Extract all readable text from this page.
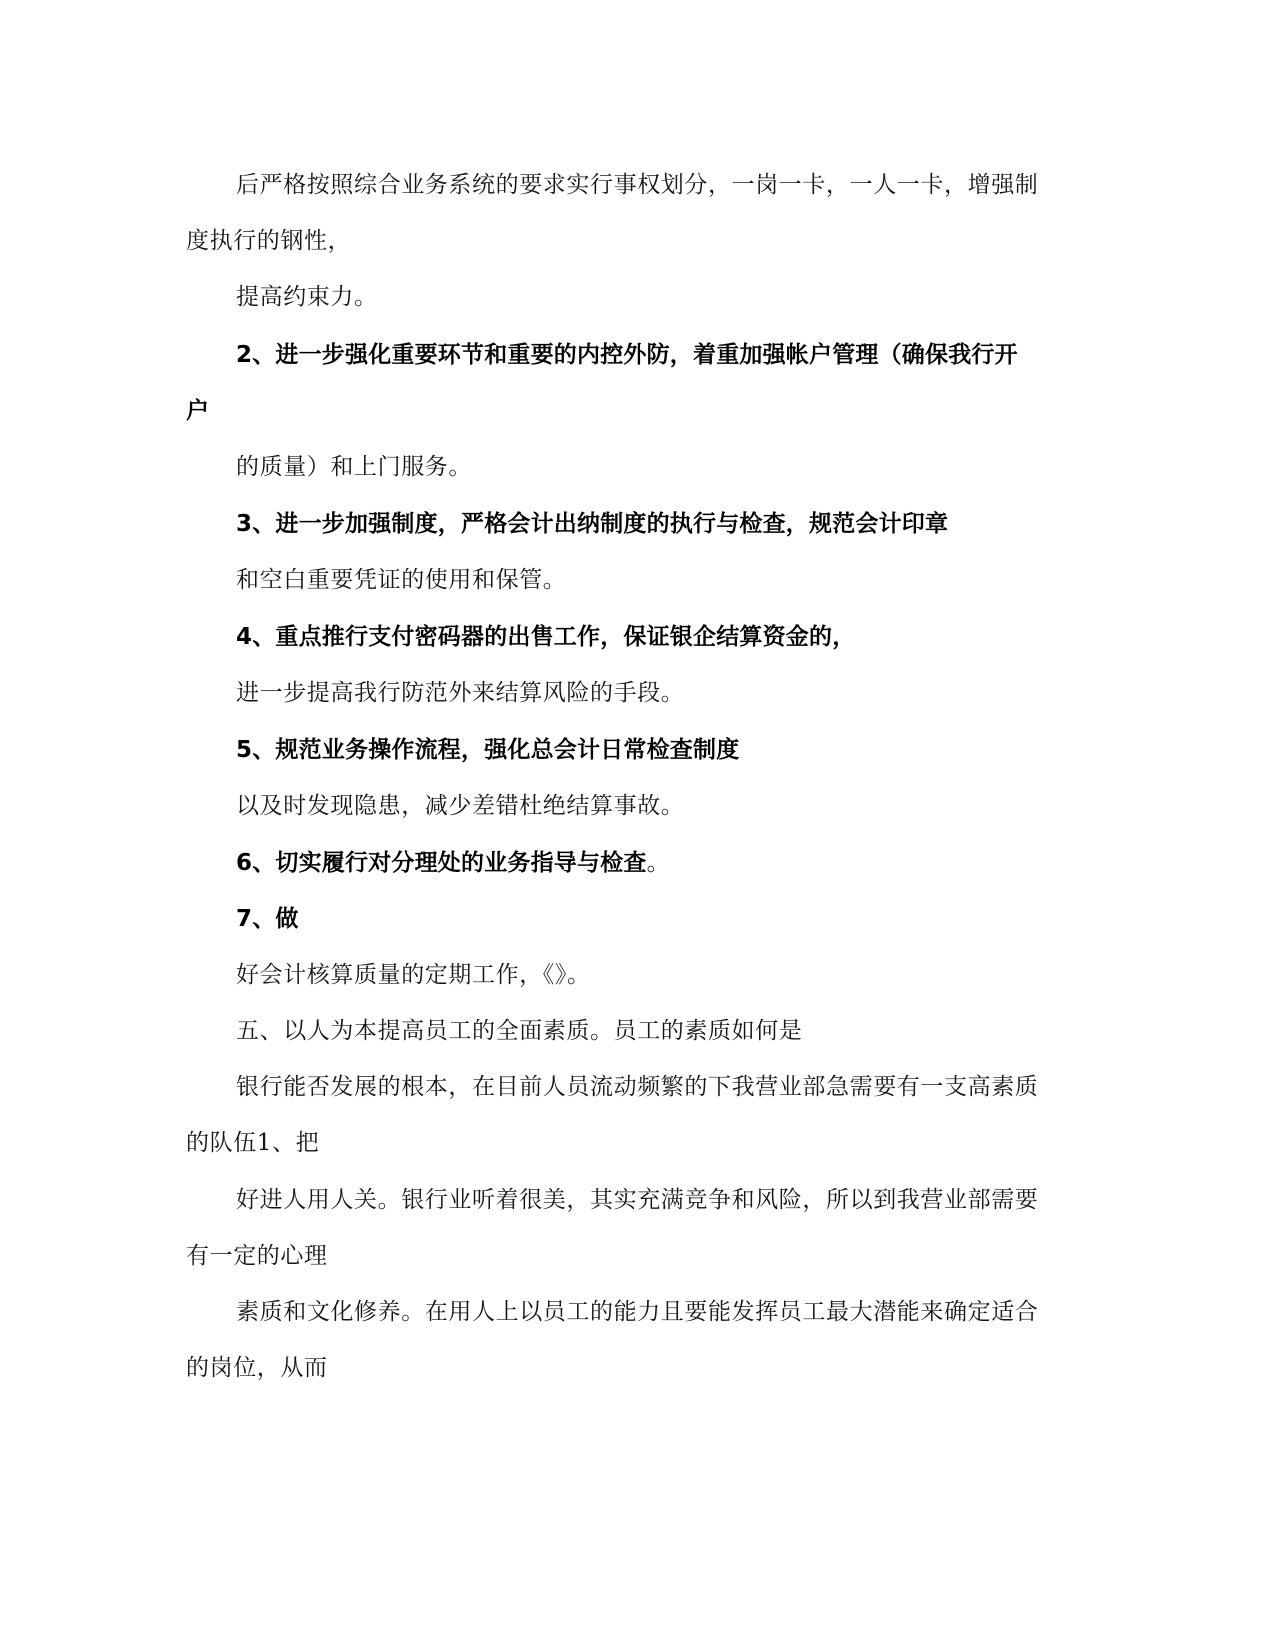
后严格按照综合业务系统的要求实行事权划分，一岗一卡，一人一卡，增强制

度执行的钢性，

提高约束力。

2、进一步强化重要环节和重要的内控外防，着重加强帐户管理（确保我行开

户

的质量）和上门服务。

3、进一步加强制度，严格会计出纳制度的执行与检查，规范会计印章

和空白重要凭证的使用和保管。

4、重点推行支付密码器的出售工作，保证银企结算资金的，

进一步提高我行防范外来结算风险的手段。

5、规范业务操作流程，强化总会计日常检查制度

以及时发现隐患，减少差错杜绝结算事故。

6、切实履行对分理处的业务指导与检查。

7、做

好会计核算质量的定期工作，《》。

五、以人为本提高员工的全面素质。员工的素质如何是

银行能否发展的根本，在目前人员流动频繁的下我营业部急需要有一支高素质

的队伍1、把

好进人用人关。银行业听着很美，其实充满竞争和风险，所以到我营业部需要

有一定的心理

素质和文化修养。在用人上以员工的能力且要能发挥员工最大潜能来确定适合

的岗位，从而
